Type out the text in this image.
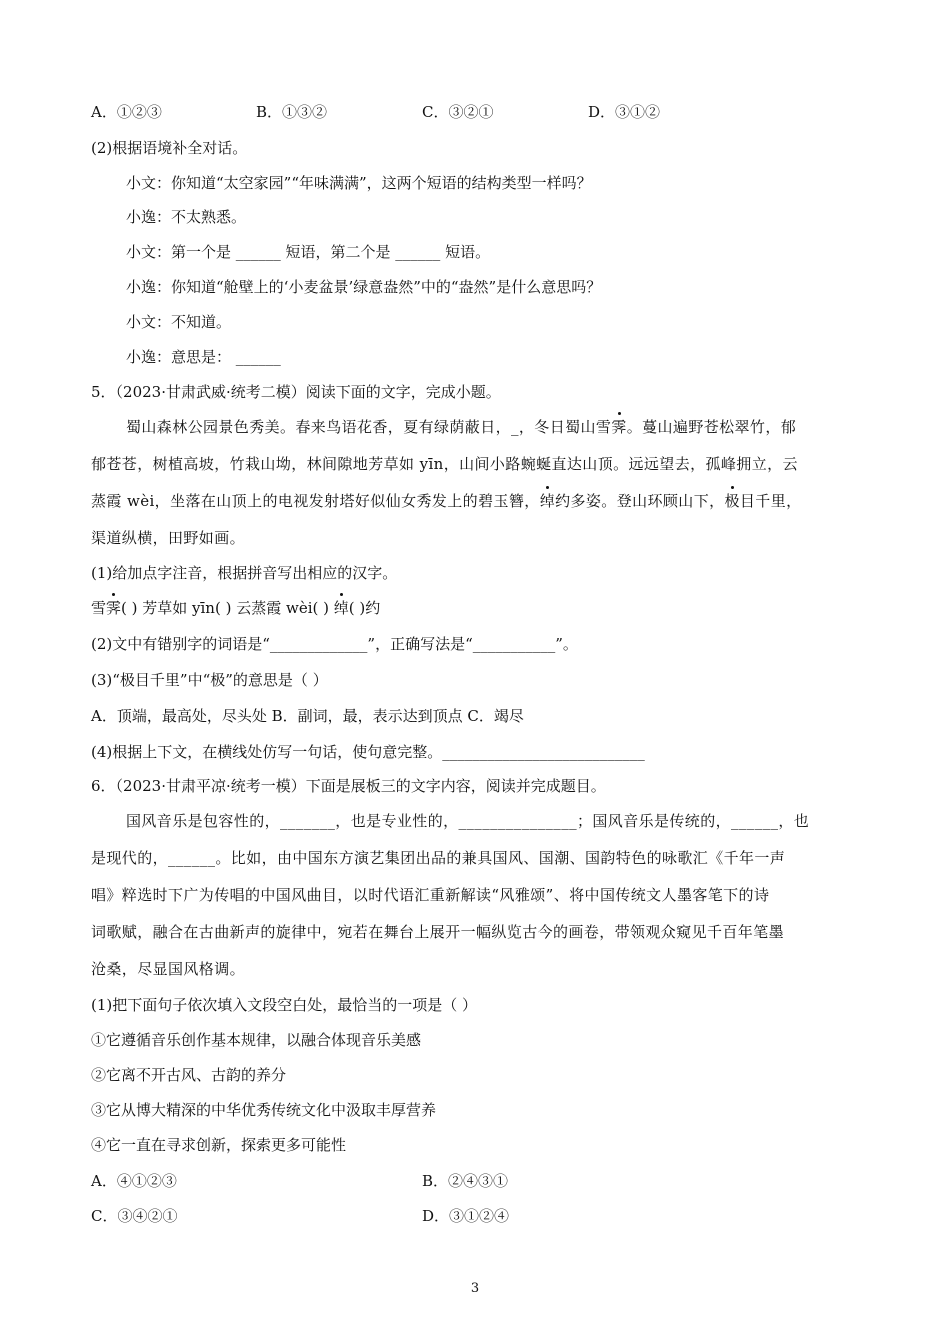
A．①②③	B．①③②	C．③②①	D．③①②
(2)根据语境补全对话。
小文：你知道“太空家园”“年味满满”，这两个短语的结构类型一样吗？
小逸：不太熟悉。
小文：第一个是 ______ 短语，第二个是 ______ 短语。
小逸：你知道“舱壁上的‘小麦盆景’绿意盎然”中的“盎然”是什么意思吗？
小文：不知道。
小逸：意思是： ______
5．（2023·甘肃武威·统考二模）阅读下面的文字，完成小题。
蜀山森林公园景色秀美。春来鸟语花香，夏有绿荫蔽日，_，冬日蜀山雪霁。蔓山遍野苍松翠竹，郁
郁苍苍，树植高坡，竹栽山坳，林间隙地芳草如 yīn，山间小路蜿蜒直达山顶。远远望去，孤峰拥立，云
蒸霞 wèi，坐落在山顶上的电视发射塔好似仙女秀发上的碧玉簪，绰约多姿。登山环顾山下，极目千里，
渠道纵横，田野如画。
(1)给加点字注音，根据拼音写出相应的汉字。
雪霁( ) 芳草如 yīn( ) 云蒸霞 wèi( ) 绰( )约
(2)文中有错别字的词语是“_____________”，正确写法是“___________”。
(3)“极目千里”中“极”的意思是（ ）
A．顶端，最高处，尽头处 B．副词，最，表示达到顶点 C．竭尽
(4)根据上下文，在横线处仿写一句话，使句意完整。___________________________
6．（2023·甘肃平凉·统考一模）下面是展板三的文字内容，阅读并完成题目。
国风音乐是包容性的，_______，也是专业性的，_______________；国风音乐是传统的，______，也
是现代的，______。比如，由中国东方演艺集团出品的兼具国风、国潮、国韵特色的咏歌汇《千年一声
唱》粹选时下广为传唱的中国风曲目，以时代语汇重新解读“风雅颂”、将中国传统文人墨客笔下的诗
词歌赋，融合在古曲新声的旋律中，宛若在舞台上展开一幅纵览古今的画卷，带领观众窥见千百年笔墨
沧桑，尽显国风格调。
(1)把下面句子依次填入文段空白处，最恰当的一项是（ ）
①它遵循音乐创作基本规律，以融合体现音乐美感
②它离不开古风、古韵的养分
③它从博大精深的中华优秀传统文化中汲取丰厚营养
④它一直在寻求创新，探索更多可能性
A．④①②③	B．②④③①
C．③④②①	D．③①②④
3
